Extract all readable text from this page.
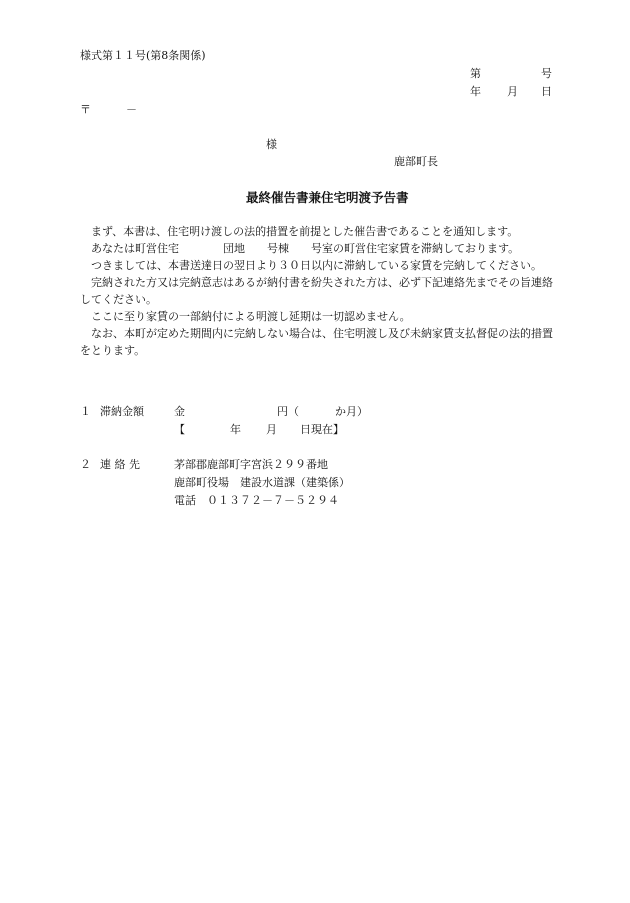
様式第１１号(第8条関係)
第	号
年 月 日
〒	－
様
鹿部町長
最終催告書兼住宅明渡予告書

まず、本書は、住宅明け渡しの法的措置を前提とした催告書であることを通知します。

あなたは町営住宅　　　　団地　　号棟　　号室の町営住宅家賃を滞納しております。

つきましては、本書送達日の翌日より３０日以内に滞納している家賃を完納してください。

完納された方又は完納意志はあるが納付書を紛失された方は、必ず下記連絡先までその旨連絡してください。

ここに至り家賃の一部納付による明渡し延期は一切認めません。

なお、本町が定めた期間内に完納しない場合は、住宅明渡し及び未納家賃支払督促の法的措置をとります。

１ 滞納金額	金	円（	か月）
【	年 月 日現在】
２ 連 絡 先	茅部郡鹿部町字宮浜２９９番地
鹿部町役場　建設水道課（建築係）
電話　０１３７２－７－５２９４
